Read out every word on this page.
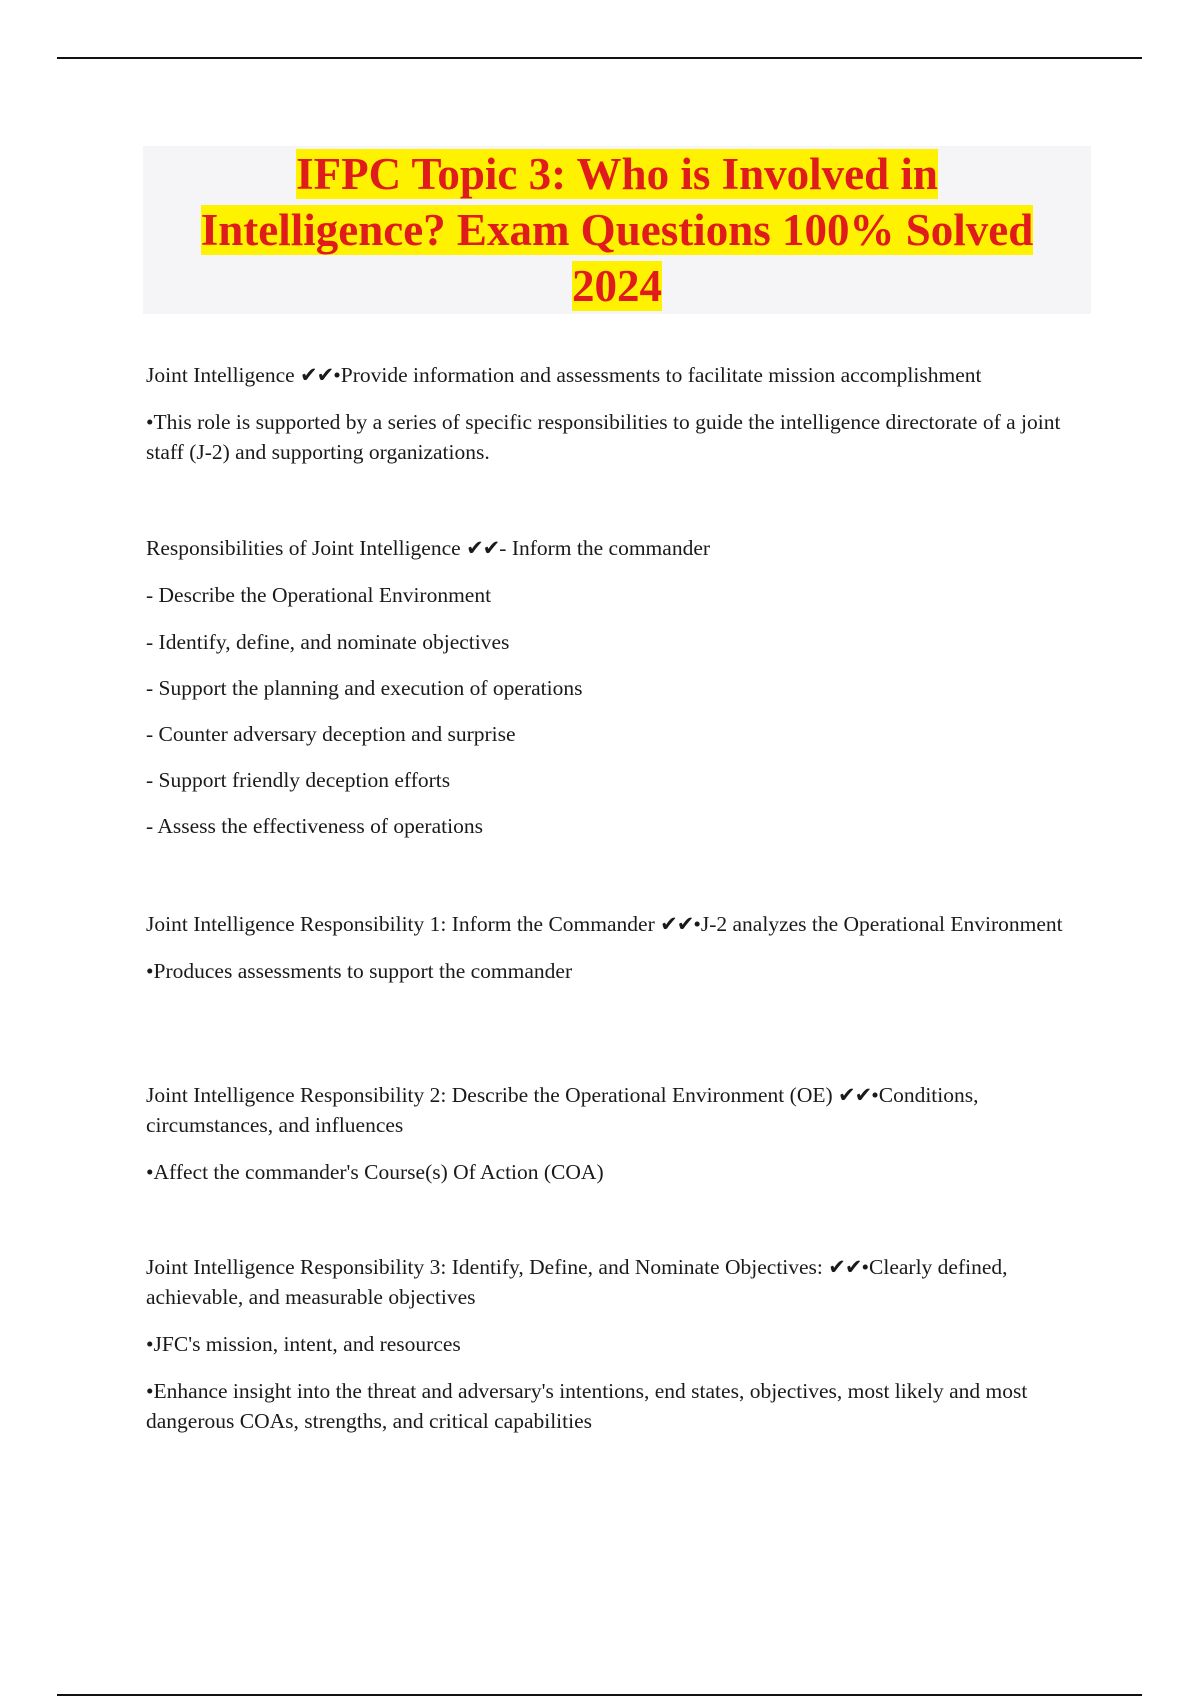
IFPC Topic 3: Who is Involved in
Intelligence? Exam Questions 100% Solved
2024

Joint Intelligence ✔✔•Provide information and assessments to facilitate mission accomplishment

•This role is supported by a series of specific responsibilities to guide the intelligence directorate of a joint staff (J-2) and supporting organizations.

Responsibilities of Joint Intelligence ✔✔- Inform the commander

- Describe the Operational Environment

- Identify, define, and nominate objectives

- Support the planning and execution of operations

- Counter adversary deception and surprise

- Support friendly deception efforts

- Assess the effectiveness of operations

Joint Intelligence Responsibility 1: Inform the Commander ✔✔•J-2 analyzes the Operational Environment

•Produces assessments to support the commander

Joint Intelligence Responsibility 2: Describe the Operational Environment (OE) ✔✔•Conditions, circumstances, and influences

•Affect the commander's Course(s) Of Action (COA)

Joint Intelligence Responsibility 3: Identify, Define, and Nominate Objectives: ✔✔•Clearly defined, achievable, and measurable objectives

•JFC's mission, intent, and resources

•Enhance insight into the threat and adversary's intentions, end states, objectives, most likely and most dangerous COAs, strengths, and critical capabilities
